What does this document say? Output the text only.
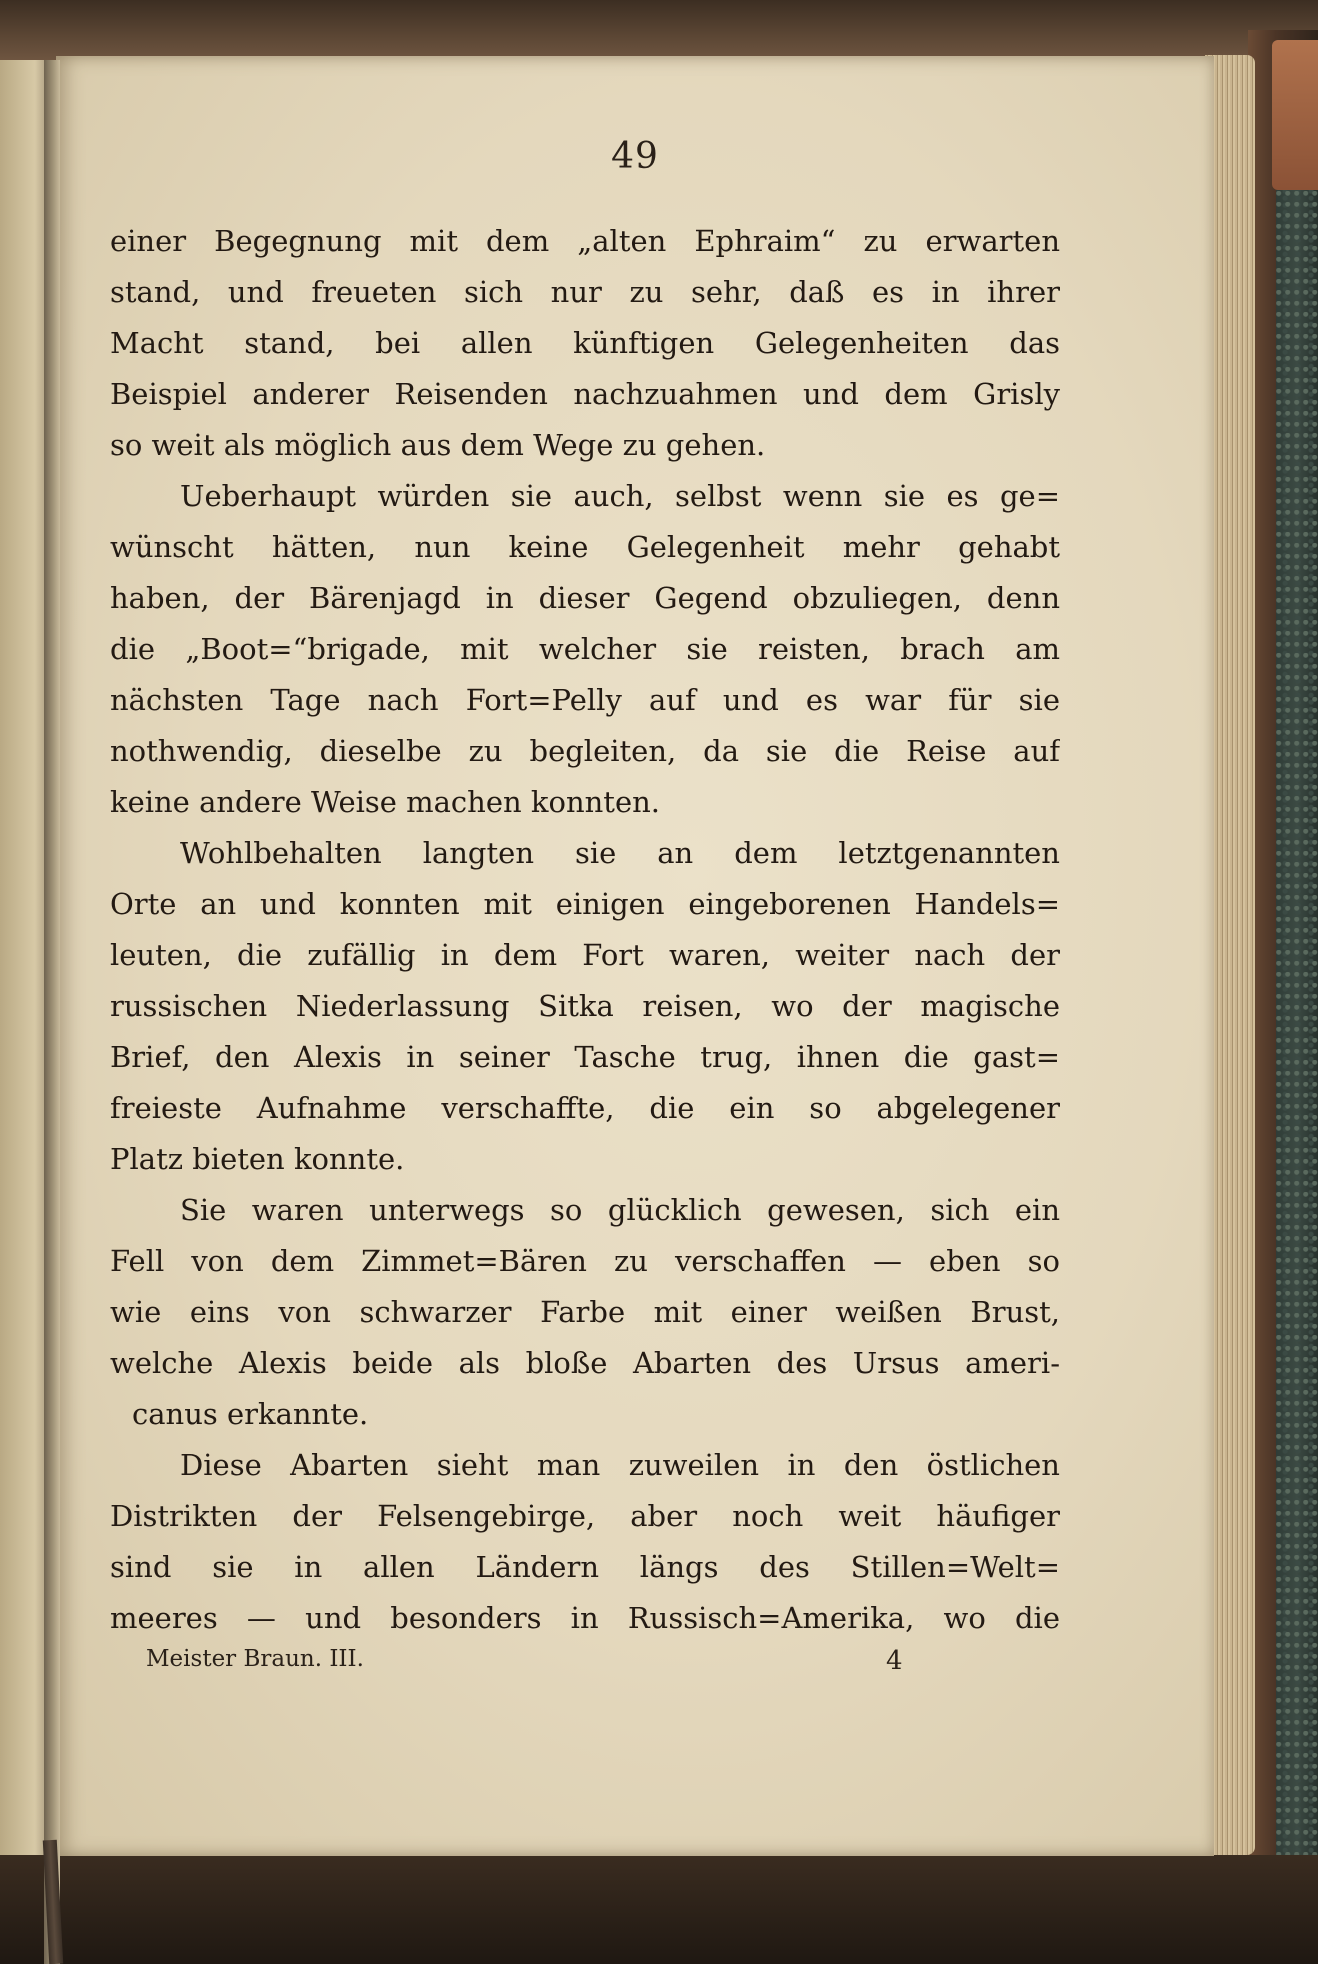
49

einer Begegnung mit dem „alten Ephraim“ zu erwarten
stand, und freueten sich nur zu sehr, daß es in ihrer
Macht stand, bei allen künftigen Gelegenheiten das
Beispiel anderer Reisenden nachzuahmen und dem Grisly
so weit als möglich aus dem Wege zu gehen.

Ueberhaupt würden sie auch, selbst wenn sie es ge=
wünscht hätten, nun keine Gelegenheit mehr gehabt
haben, der Bärenjagd in dieser Gegend obzuliegen, denn
die „Boot=“brigade, mit welcher sie reisten, brach am
nächsten Tage nach Fort=Pelly auf und es war für sie
nothwendig, dieselbe zu begleiten, da sie die Reise auf
keine andere Weise machen konnten.

Wohlbehalten langten sie an dem letztgenannten
Orte an und konnten mit einigen eingeborenen Handels=
leuten, die zufällig in dem Fort waren, weiter nach der
russischen Niederlassung Sitka reisen, wo der magische
Brief, den Alexis in seiner Tasche trug, ihnen die gast=
freieste Aufnahme verschaffte, die ein so abgelegener
Platz bieten konnte.

Sie waren unterwegs so glücklich gewesen, sich ein
Fell von dem Zimmet=Bären zu verschaffen — eben so
wie eins von schwarzer Farbe mit einer weißen Brust,
welche Alexis beide als bloße Abarten des Ursus ameri-
canus erkannte.

Diese Abarten sieht man zuweilen in den östlichen
Distrikten der Felsengebirge, aber noch weit häufiger
sind sie in allen Ländern längs des Stillen=Welt=
meeres — und besonders in Russisch=Amerika, wo die

Meister Braun. III.	4
